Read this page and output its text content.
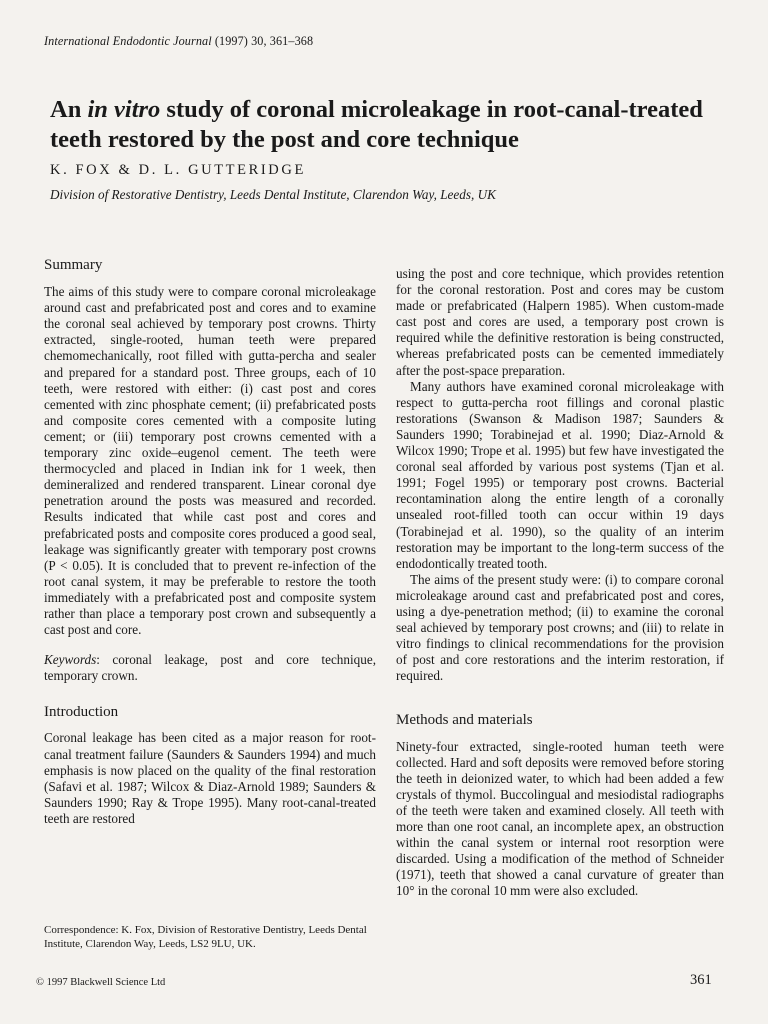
International Endodontic Journal (1997) 30, 361–368
An in vitro study of coronal microleakage in root-canal-treated teeth restored by the post and core technique
K. FOX & D. L. GUTTERIDGE
Division of Restorative Dentistry, Leeds Dental Institute, Clarendon Way, Leeds, UK
Summary

The aims of this study were to compare coronal microleakage around cast and prefabricated post and cores and to examine the coronal seal achieved by temporary post crowns. Thirty extracted, single-rooted, human teeth were prepared chemomechanically, root filled with gutta-percha and sealer and prepared for a standard post. Three groups, each of 10 teeth, were restored with either: (i) cast post and cores cemented with zinc phosphate cement; (ii) prefabricated posts and composite cores cemented with a composite luting cement; or (iii) temporary post crowns cemented with a temporary zinc oxide–eugenol cement. The teeth were thermocycled and placed in Indian ink for 1 week, then demineralized and rendered transparent. Linear coronal dye penetration around the posts was measured and recorded. Results indicated that while cast post and cores and prefabricated posts and composite cores produced a good seal, leakage was significantly greater with temporary post crowns (P < 0.05). It is concluded that to prevent re-infection of the root canal system, it may be preferable to restore the tooth immediately with a prefabricated post and composite system rather than place a temporary post crown and subsequently a cast post and core.

Keywords: coronal leakage, post and core technique, temporary crown.

Introduction

Coronal leakage has been cited as a major reason for root-canal treatment failure (Saunders & Saunders 1994) and much emphasis is now placed on the quality of the final restoration (Safavi et al. 1987; Wilcox & Diaz-Arnold 1989; Saunders & Saunders 1990; Ray & Trope 1995). Many root-canal-treated teeth are restored

Correspondence: K. Fox, Division of Restorative Dentistry, Leeds Dental Institute, Clarendon Way, Leeds, LS2 9LU, UK.

using the post and core technique, which provides retention for the coronal restoration. Post and cores may be custom made or prefabricated (Halpern 1985). When custom-made cast post and cores are used, a temporary post crown is required while the definitive restoration is being constructed, whereas prefabricated posts can be cemented immediately after the post-space preparation.

Many authors have examined coronal microleakage with respect to gutta-percha root fillings and coronal plastic restorations (Swanson & Madison 1987; Saunders & Saunders 1990; Torabinejad et al. 1990; Diaz-Arnold & Wilcox 1990; Trope et al. 1995) but few have investigated the coronal seal afforded by various post systems (Tjan et al. 1991; Fogel 1995) or temporary post crowns. Bacterial recontamination along the entire length of a coronally unsealed root-filled tooth can occur within 19 days (Torabinejad et al. 1990), so the quality of an interim restoration may be important to the long-term success of the endodontically treated tooth.

The aims of the present study were: (i) to compare coronal microleakage around cast and prefabricated post and cores, using a dye-penetration method; (ii) to examine the coronal seal achieved by temporary post crowns; and (iii) to relate in vitro findings to clinical recommendations for the provision of post and core restorations and the interim restoration, if required.

Methods and materials

Ninety-four extracted, single-rooted human teeth were collected. Hard and soft deposits were removed before storing the teeth in deionized water, to which had been added a few crystals of thymol. Buccolingual and mesiodistal radiographs of the teeth were taken and examined closely. All teeth with more than one root canal, an incomplete apex, an obstruction within the canal system or internal root resorption were discarded. Using a modification of the method of Schneider (1971), teeth that showed a canal curvature of greater than 10° in the coronal 10 mm were also excluded.

© 1997 Blackwell Science Ltd	361
